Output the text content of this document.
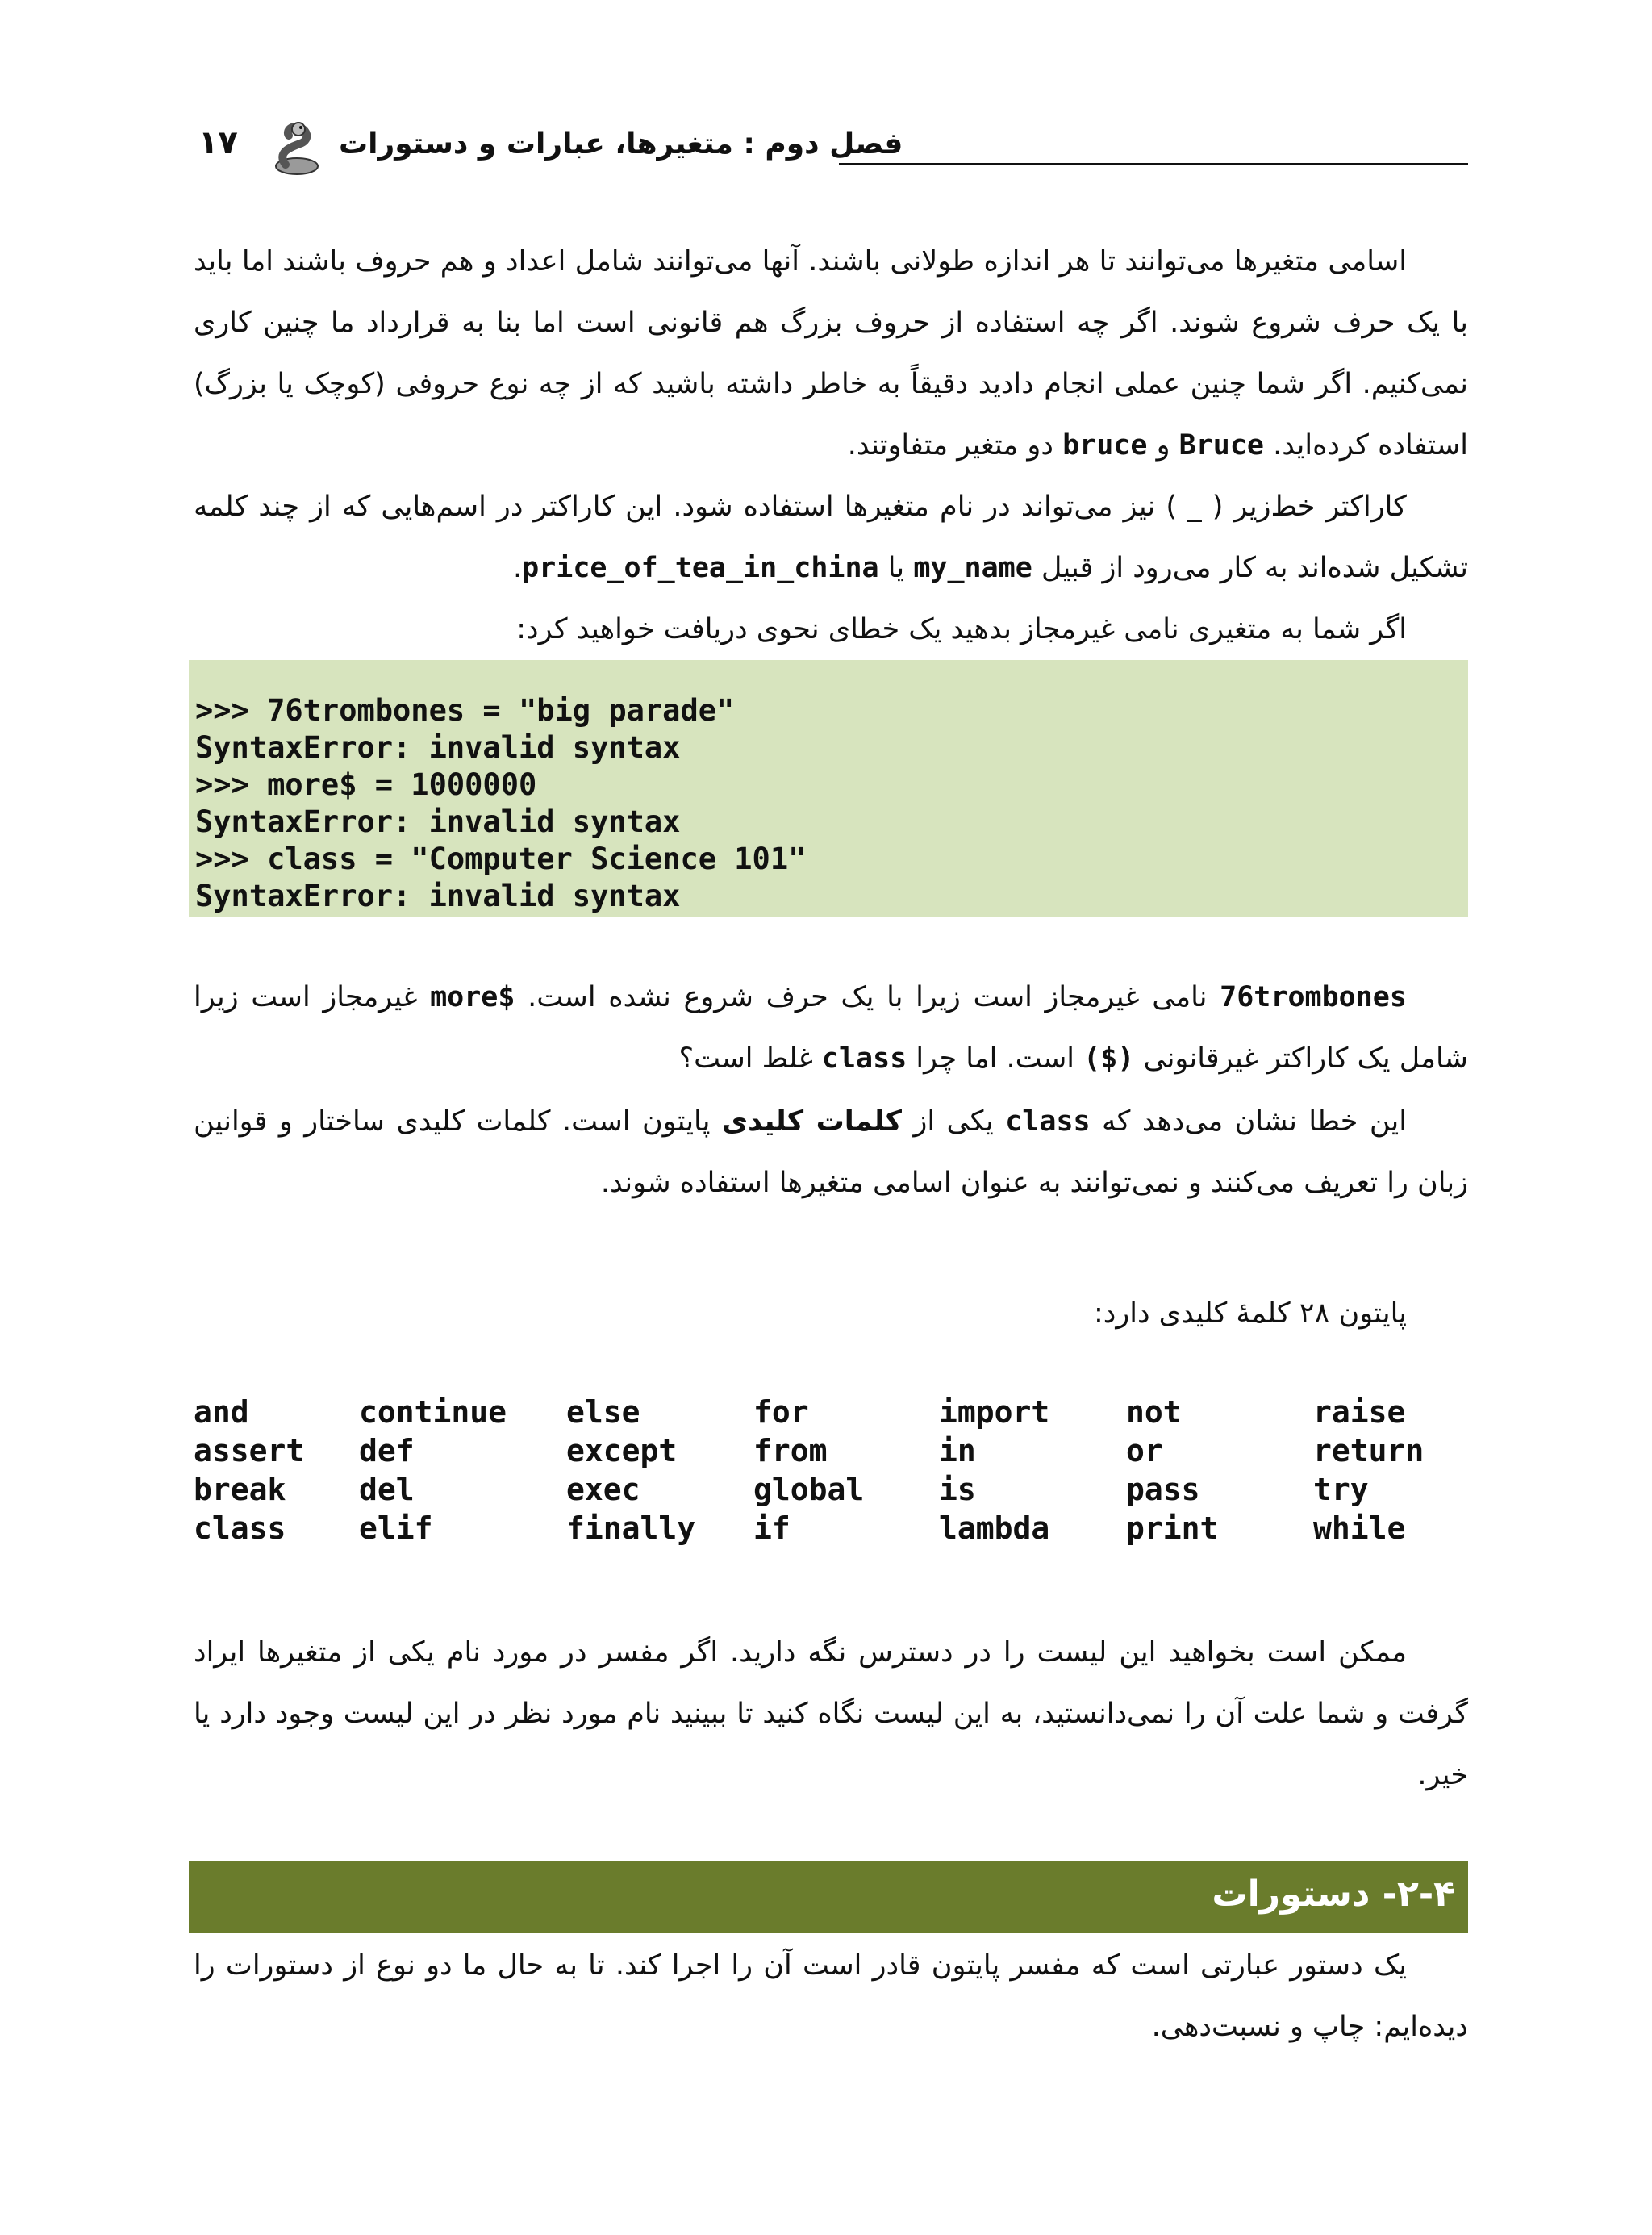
۱۷	فصل دوم : متغیرها، عبارات و دستورات
اسامی متغیرها می‌توانند تا هر اندازه طولانی باشند. آنها می‌توانند شامل اعداد و هم حروف باشند اما باید با یک حرف شروع شوند. اگر چه استفاده از حروف بزرگ هم قانونی است اما بنا به قرارداد ما چنین کاری نمی‌کنیم. اگر شما چنین عملی انجام دادید دقیقاً به خاطر داشته باشید که از چه نوع حروفی (کوچک یا بزرگ) استفاده کرده‌اید. Bruce و bruce دو متغیر متفاوتند.
کاراکتر خط‌زیر ( _ ) نیز می‌تواند در نام متغیرها استفاده شود. این کاراکتر در اسم‌هایی که از چند کلمه تشکیل شده‌اند به کار می‌رود از قبیل my_name یا price_of_tea_in_china.
اگر شما به متغیری نامی غیرمجاز بدهید یک خطای نحوی دریافت خواهید کرد:
>>> 76trombones = "big parade"
SyntaxError: invalid syntax
>>> more$ = 1000000
SyntaxError: invalid syntax
>>> class = "Computer Science 101"
SyntaxError: invalid syntax
76trombones نامی غیرمجاز است زیرا با یک حرف شروع نشده است. more$ غیرمجاز است زیرا شامل یک کاراکتر غیرقانونی ($) است. اما چرا class غلط است؟
این خطا نشان می‌دهد که class یکی از کلمات کلیدی پایتون است. کلمات کلیدی ساختار و قوانین زبان را تعریف می‌کنند و نمی‌توانند به عنوان اسامی متغیرها استفاده شوند.
پایتون ۲۸ کلمهٔ کلیدی دارد:
and	continue	else	for	import	not	raise
assert	def	except	from	in	or	return
break	del	exec	global	is	pass	try
class	elif	finally	if	lambda	print	while
ممکن است بخواهید این لیست را در دسترس نگه دارید. اگر مفسر در مورد نام یکی از متغیرها ایراد گرفت و شما علت آن را نمی‌دانستید، به این لیست نگاه کنید تا ببینید نام مورد نظر در این لیست وجود دارد یا خیر.
۲-۴- دستورات
یک دستور عبارتی است که مفسر پایتون قادر است آن را اجرا کند. تا به حال ما دو نوع از دستورات را دیده‌ایم: چاپ و نسبت‌دهی.
